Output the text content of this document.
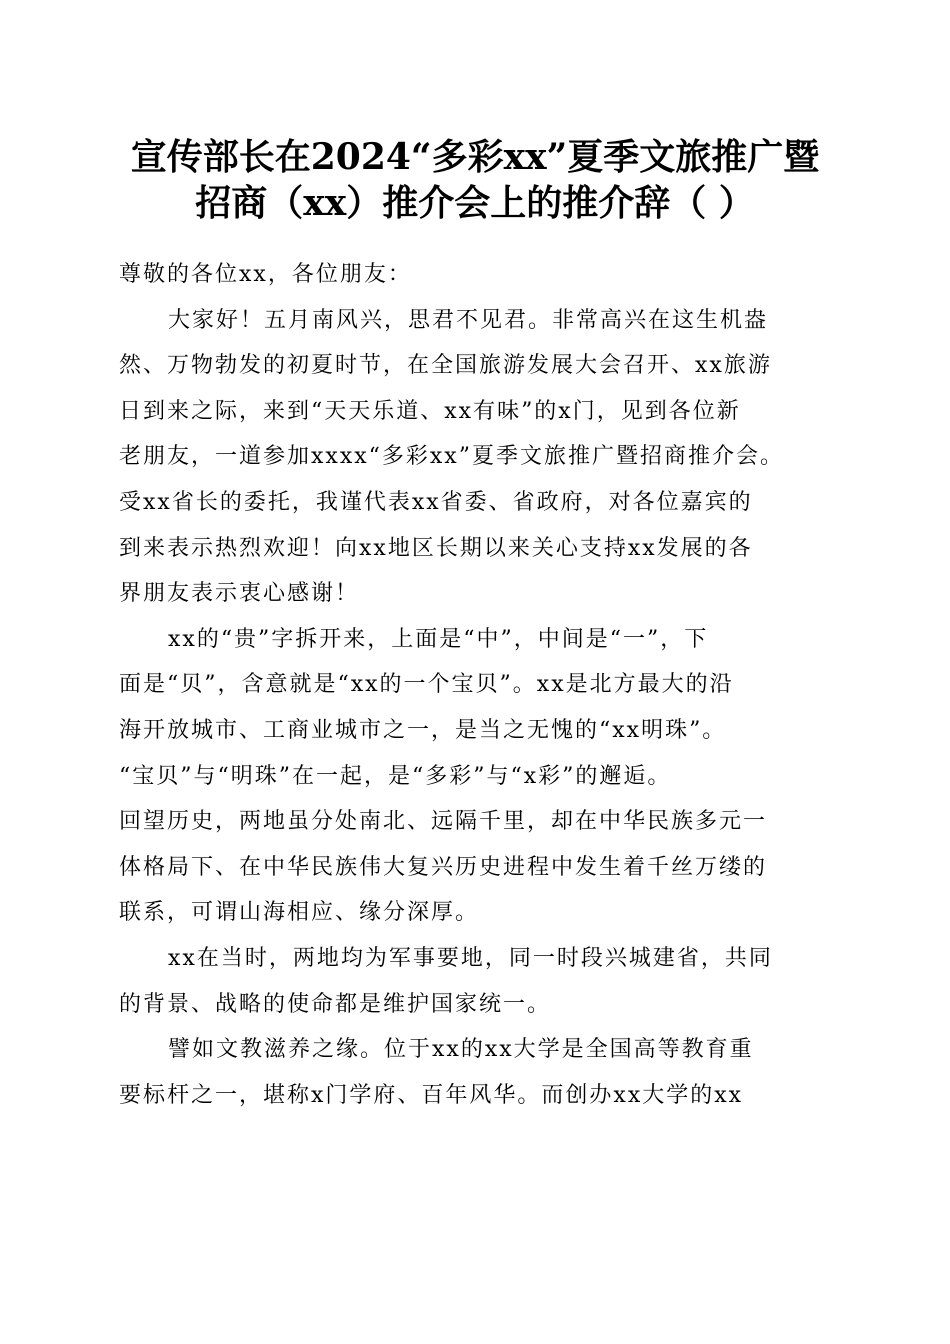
宣传部长在2024“多彩xx”夏季文旅推广暨
招商（xx）推介会上的推介辞（ ）
尊敬的各位xx，各位朋友：
大家好！五月南风兴，思君不见君。非常高兴在这生机盎
然、万物勃发的初夏时节，在全国旅游发展大会召开、xx旅游
日到来之际，来到“天天乐道、xx有味”的x门，见到各位新
老朋友，一道参加xxxx“多彩xx”夏季文旅推广暨招商推介会。
受xx省长的委托，我谨代表xx省委、省政府，对各位嘉宾的
到来表示热烈欢迎！向xx地区长期以来关心支持xx发展的各
界朋友表示衷心感谢！
xx的“贵”字拆开来，上面是“中”，中间是“一”，下
面是“贝”，含意就是“xx的一个宝贝”。xx是北方最大的沿
海开放城市、工商业城市之一，是当之无愧的“xx明珠”。
“宝贝”与“明珠”在一起，是“多彩”与“x彩”的邂逅。
回望历史，两地虽分处南北、远隔千里，却在中华民族多元一
体格局下、在中华民族伟大复兴历史进程中发生着千丝万缕的
联系，可谓山海相应、缘分深厚。
xx在当时，两地均为军事要地，同一时段兴城建省，共同
的背景、战略的使命都是维护国家统一。
譬如文教滋养之缘。位于xx的xx大学是全国高等教育重
要标杆之一，堪称x门学府、百年风华。而创办xx大学的xx
